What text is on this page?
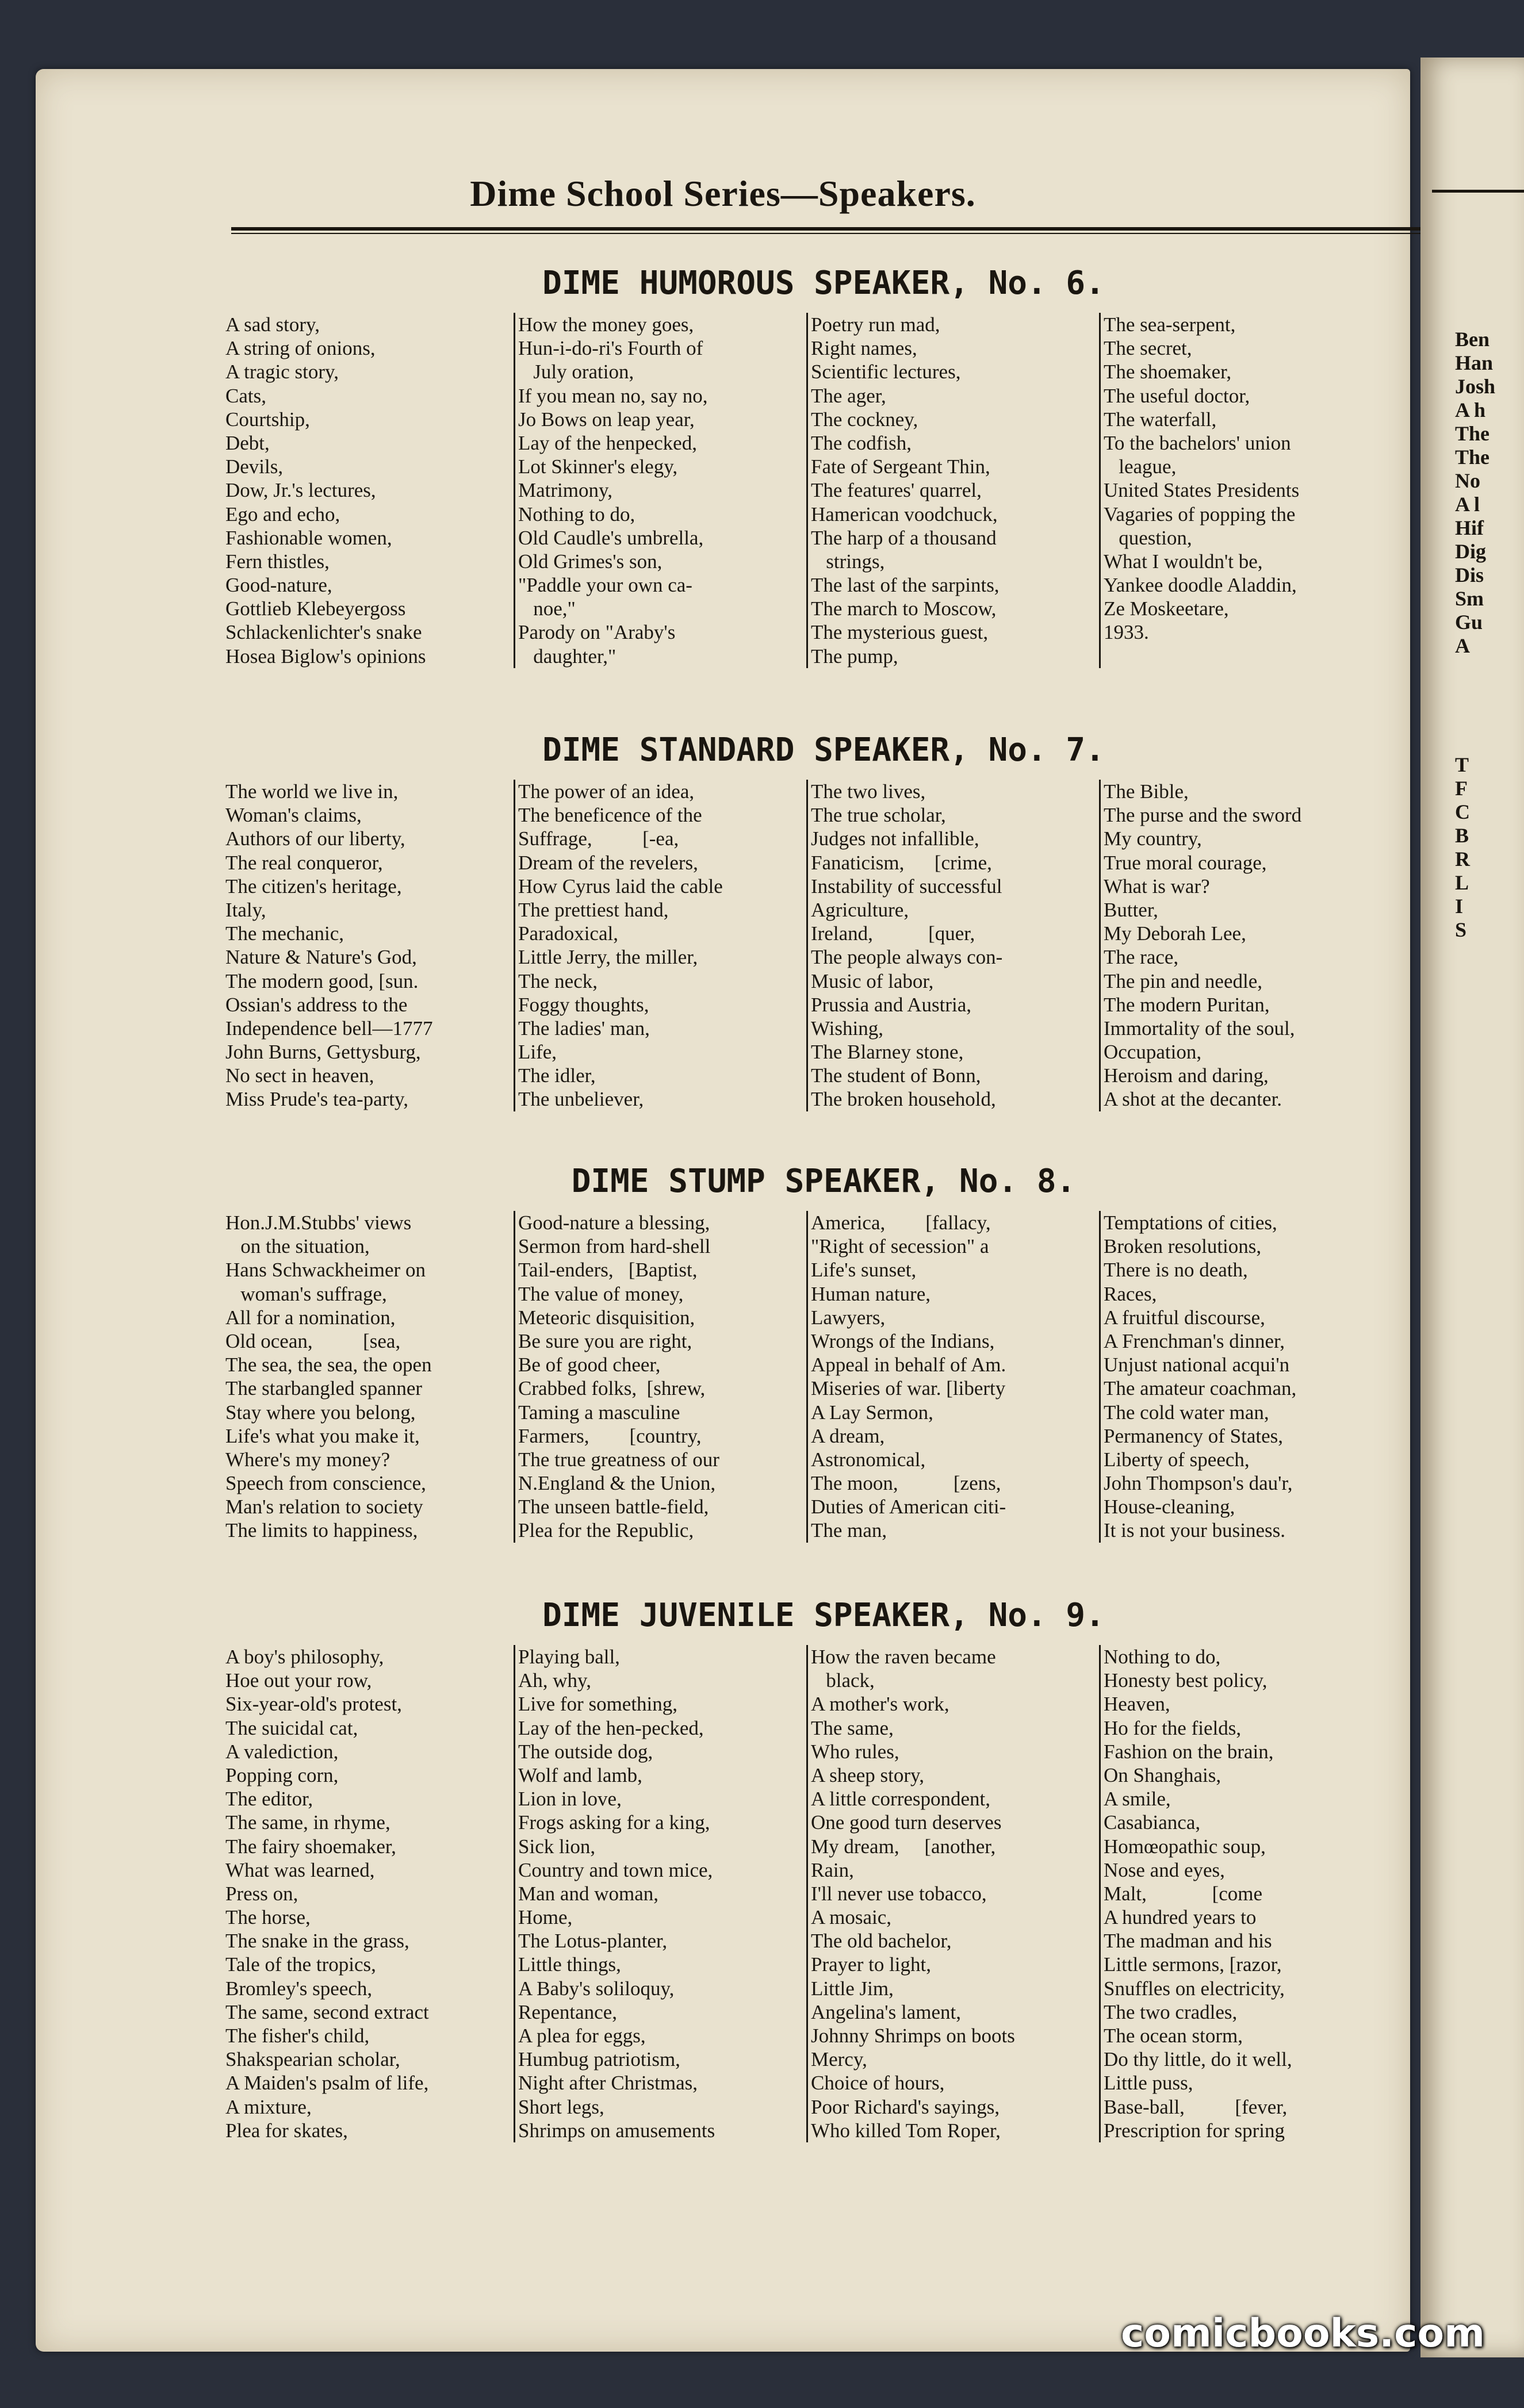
Dime School Series—Speakers.
DIME HUMOROUS SPEAKER, No. 6.
A sad story,
A string of onions,
A tragic story,
Cats,
Courtship,
Debt,
Devils,
Dow, Jr.'s lectures,
Ego and echo,
Fashionable women,
Fern thistles,
Good-nature,
Gottlieb Klebeyergoss
Schlackenlichter's snake
Hosea Biglow's opinions
How the money goes,
Hun-i-do-ri's Fourth of
July oration,
If you mean no, say no,
Jo Bows on leap year,
Lay of the henpecked,
Lot Skinner's elegy,
Matrimony,
Nothing to do,
Old Caudle's umbrella,
Old Grimes's son,
"Paddle your own ca-
noe,"
Parody on "Araby's
daughter,"
Poetry run mad,
Right names,
Scientific lectures,
The ager,
The cockney,
The codfish,
Fate of Sergeant Thin,
The features' quarrel,
Hamerican voodchuck,
The harp of a thousand
strings,
The last of the sarpints,
The march to Moscow,
The mysterious guest,
The pump,
The sea-serpent,
The secret,
The shoemaker,
The useful doctor,
The waterfall,
To the bachelors' union
league,
United States Presidents
Vagaries of popping the
question,
What I wouldn't be,
Yankee doodle Aladdin,
Ze Moskeetare,
1933.
DIME STANDARD SPEAKER, No. 7.
The world we live in,
Woman's claims,
Authors of our liberty,
The real conqueror,
The citizen's heritage,
Italy,
The mechanic,
Nature & Nature's God,
The modern good, [sun.
Ossian's address to the
Independence bell—1777
John Burns, Gettysburg,
No sect in heaven,
Miss Prude's tea-party,
The power of an idea,
The beneficence of the
Suffrage,          [-ea,
Dream of the revelers,
How Cyrus laid the cable
The prettiest hand,
Paradoxical,
Little Jerry, the miller,
The neck,
Foggy thoughts,
The ladies' man,
Life,
The idler,
The unbeliever,
The two lives,
The true scholar,
Judges not infallible,
Fanaticism,      [crime,
Instability of successful
Agriculture,
Ireland,           [quer,
The people always con-
Music of labor,
Prussia and Austria,
Wishing,
The Blarney stone,
The student of Bonn,
The broken household,
The Bible,
The purse and the sword
My country,
True moral courage,
What is war?
Butter,
My Deborah Lee,
The race,
The pin and needle,
The modern Puritan,
Immortality of the soul,
Occupation,
Heroism and daring,
A shot at the decanter.
DIME STUMP SPEAKER, No. 8.
Hon.J.M.Stubbs' views
on the situation,
Hans Schwackheimer on
woman's suffrage,
All for a nomination,
Old ocean,          [sea,
The sea, the sea, the open
The starbangled spanner
Stay where you belong,
Life's what you make it,
Where's my money?
Speech from conscience,
Man's relation to society
The limits to happiness,
Good-nature a blessing,
Sermon from hard-shell
Tail-enders,   [Baptist,
The value of money,
Meteoric disquisition,
Be sure you are right,
Be of good cheer,
Crabbed folks,  [shrew,
Taming a masculine
Farmers,        [country,
The true greatness of our
N.England & the Union,
The unseen battle-field,
Plea for the Republic,
America,        [fallacy,
"Right of secession" a
Life's sunset,
Human nature,
Lawyers,
Wrongs of the Indians,
Appeal in behalf of Am.
Miseries of war. [liberty
A Lay Sermon,
A dream,
Astronomical,
The moon,           [zens,
Duties of American citi-
The man,
Temptations of cities,
Broken resolutions,
There is no death,
Races,
A fruitful discourse,
A Frenchman's dinner,
Unjust national acqui'n
The amateur coachman,
The cold water man,
Permanency of States,
Liberty of speech,
John Thompson's dau'r,
House-cleaning,
It is not your business.
DIME JUVENILE SPEAKER, No. 9.
A boy's philosophy,
Hoe out your row,
Six-year-old's protest,
The suicidal cat,
A valediction,
Popping corn,
The editor,
The same, in rhyme,
The fairy shoemaker,
What was learned,
Press on,
The horse,
The snake in the grass,
Tale of the tropics,
Bromley's speech,
The same, second extract
The fisher's child,
Shakspearian scholar,
A Maiden's psalm of life,
A mixture,
Plea for skates,
Playing ball,
Ah, why,
Live for something,
Lay of the hen-pecked,
The outside dog,
Wolf and lamb,
Lion in love,
Frogs asking for a king,
Sick lion,
Country and town mice,
Man and woman,
Home,
The Lotus-planter,
Little things,
A Baby's soliloquy,
Repentance,
A plea for eggs,
Humbug patriotism,
Night after Christmas,
Short legs,
Shrimps on amusements
How the raven became
black,
A mother's work,
The same,
Who rules,
A sheep story,
A little correspondent,
One good turn deserves
My dream,     [another,
Rain,
I'll never use tobacco,
A mosaic,
The old bachelor,
Prayer to light,
Little Jim,
Angelina's lament,
Johnny Shrimps on boots
Mercy,
Choice of hours,
Poor Richard's sayings,
Who killed Tom Roper,
Nothing to do,
Honesty best policy,
Heaven,
Ho for the fields,
Fashion on the brain,
On Shanghais,
A smile,
Casabianca,
Homœopathic soup,
Nose and eyes,
Malt,             [come
A hundred years to
The madman and his
Little sermons, [razor,
Snuffles on electricity,
The two cradles,
The ocean storm,
Do thy little, do it well,
Little puss,
Base-ball,          [fever,
Prescription for spring
Ben
Han
Josh
A h
The
The
No
A l
Hif
Dig
Dis
Sm
Gu
A
T
F
C
B
R
L
I
S
comicbooks.com
